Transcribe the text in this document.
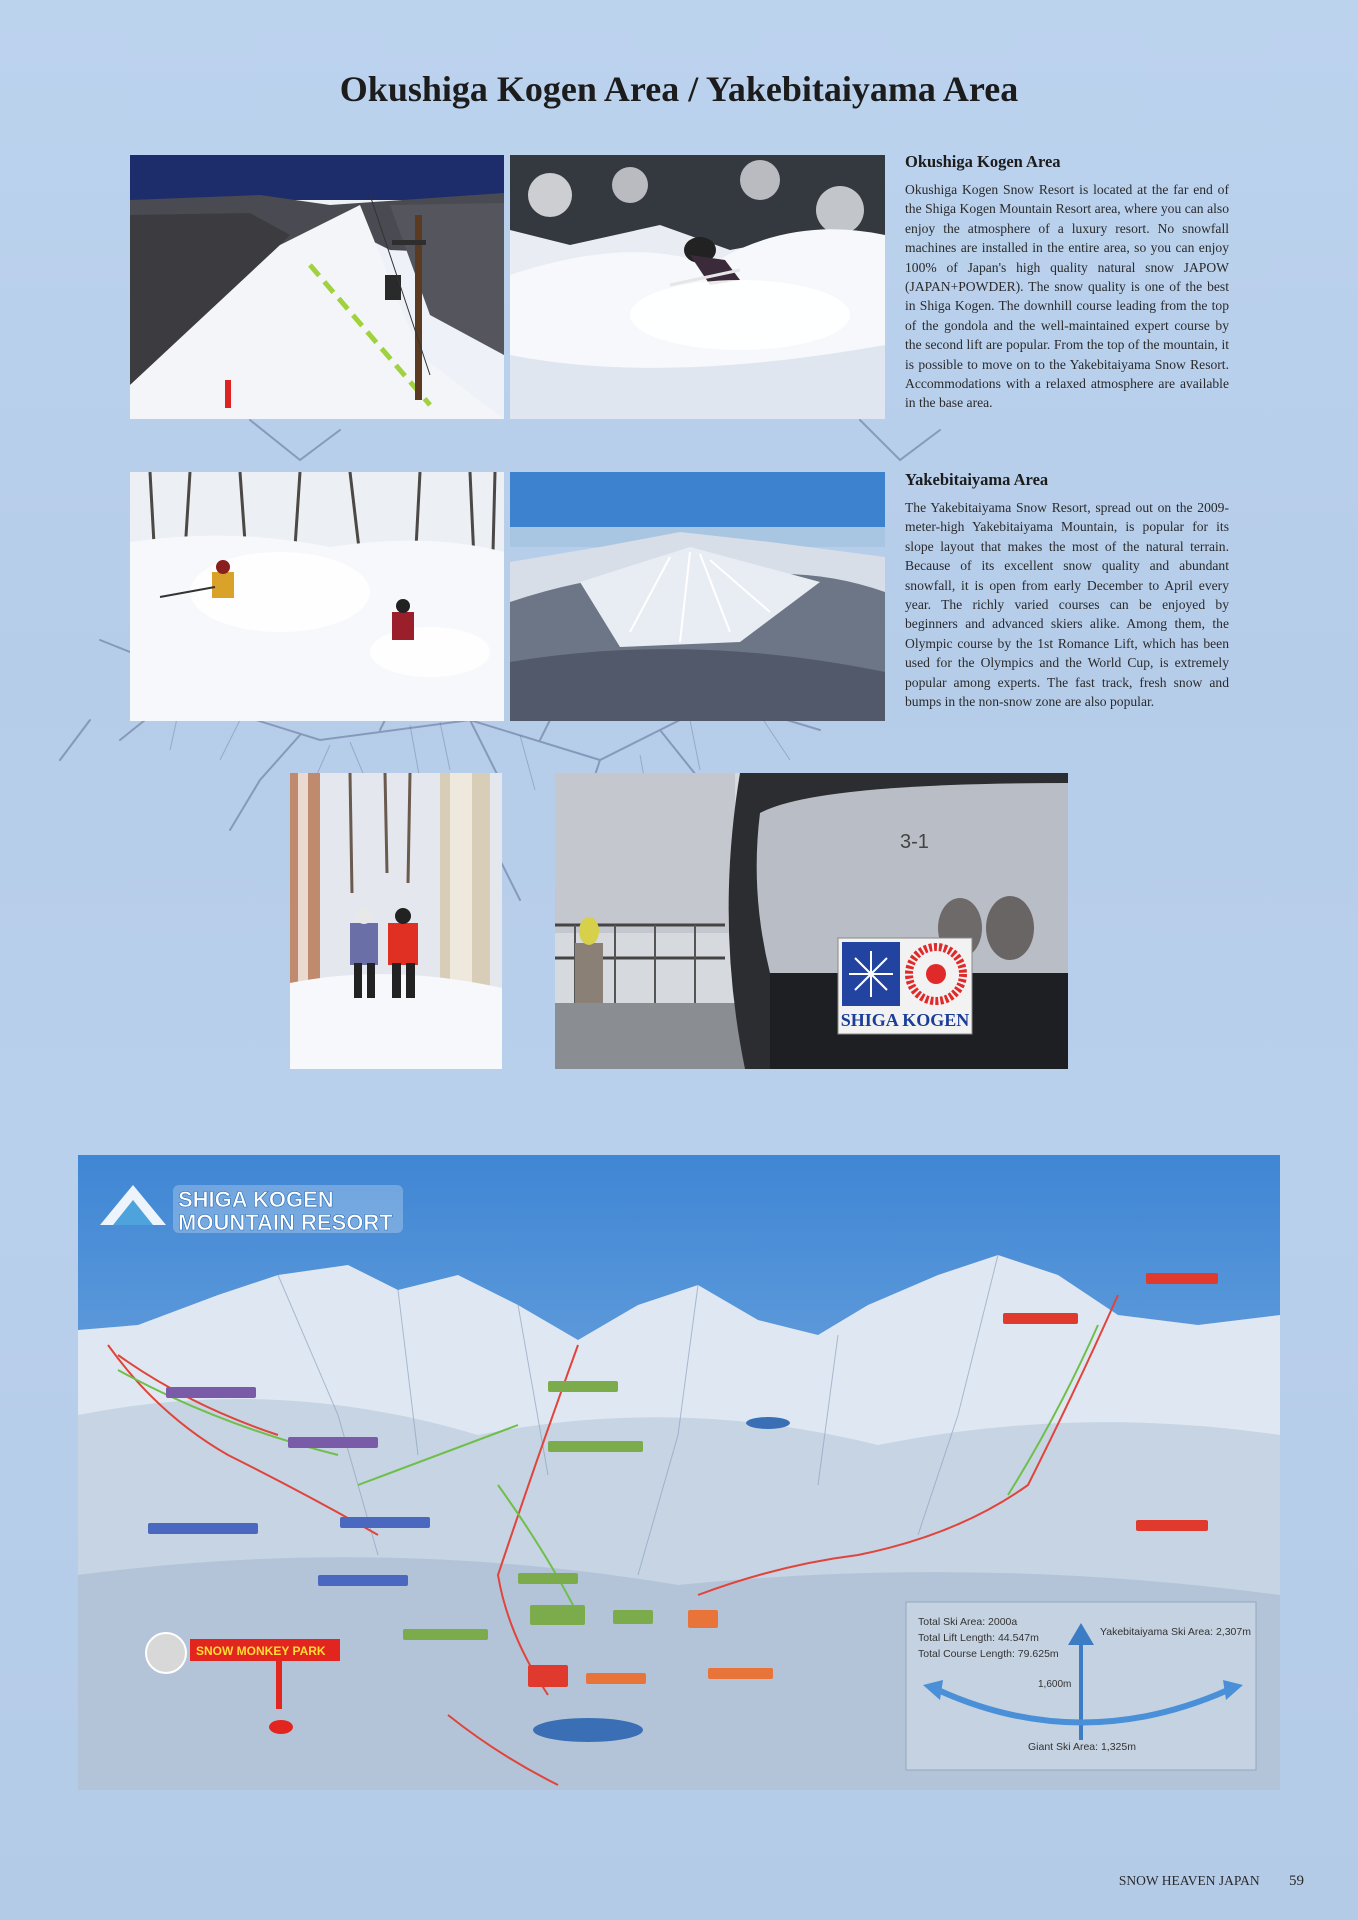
Okushiga Kogen Area / Yakebitaiyama Area
Okushiga Kogen Area

Okushiga Kogen Snow Resort is located at the far end of the Shiga Kogen Mountain Resort area, where you can also enjoy the atmosphere of a luxury resort. No snowfall machines are installed in the entire area, so you can enjoy 100% of Japan's high quality natural snow JAPOW (JAPAN+POWDER). The snow quality is one of the best in Shiga Kogen. The downhill course leading from the top of the gondola and the well-maintained expert course by the second lift are popular. From the top of the mountain, it is possible to move on to the Yakebitaiyama Snow Resort. Accommodations with a relaxed atmosphere are available in the base area.

Yakebitaiyama Area

The Yakebitaiyama Snow Resort, spread out on the 2009-meter-high Yakebitaiyama Mountain, is popular for its slope layout that makes the most of the natural terrain. Because of its excellent snow quality and abundant snowfall, it is open from early December to April every year. The richly varied courses can be enjoyed by beginners and advanced skiers alike. Among them, the Olympic course by the 1st Romance Lift, which has been used for the Olympics and the World Cup, is extremely popular among experts. The fast track, fresh snow and bumps in the non-snow zone are also popular.

SHIGA KOGEN
3-1
SHIGA KOGEN
MOUNTAIN RESORT
SNOW MONKEY PARK
Total Ski Area: 2000a
Total Lift Length: 44.547m
Total Course Length: 79.625m
Yakebitaiyama Ski Area: 2,307m
1,600m
Giant Ski Area: 1,325m
SNOW HEAVEN JAPAN 59
